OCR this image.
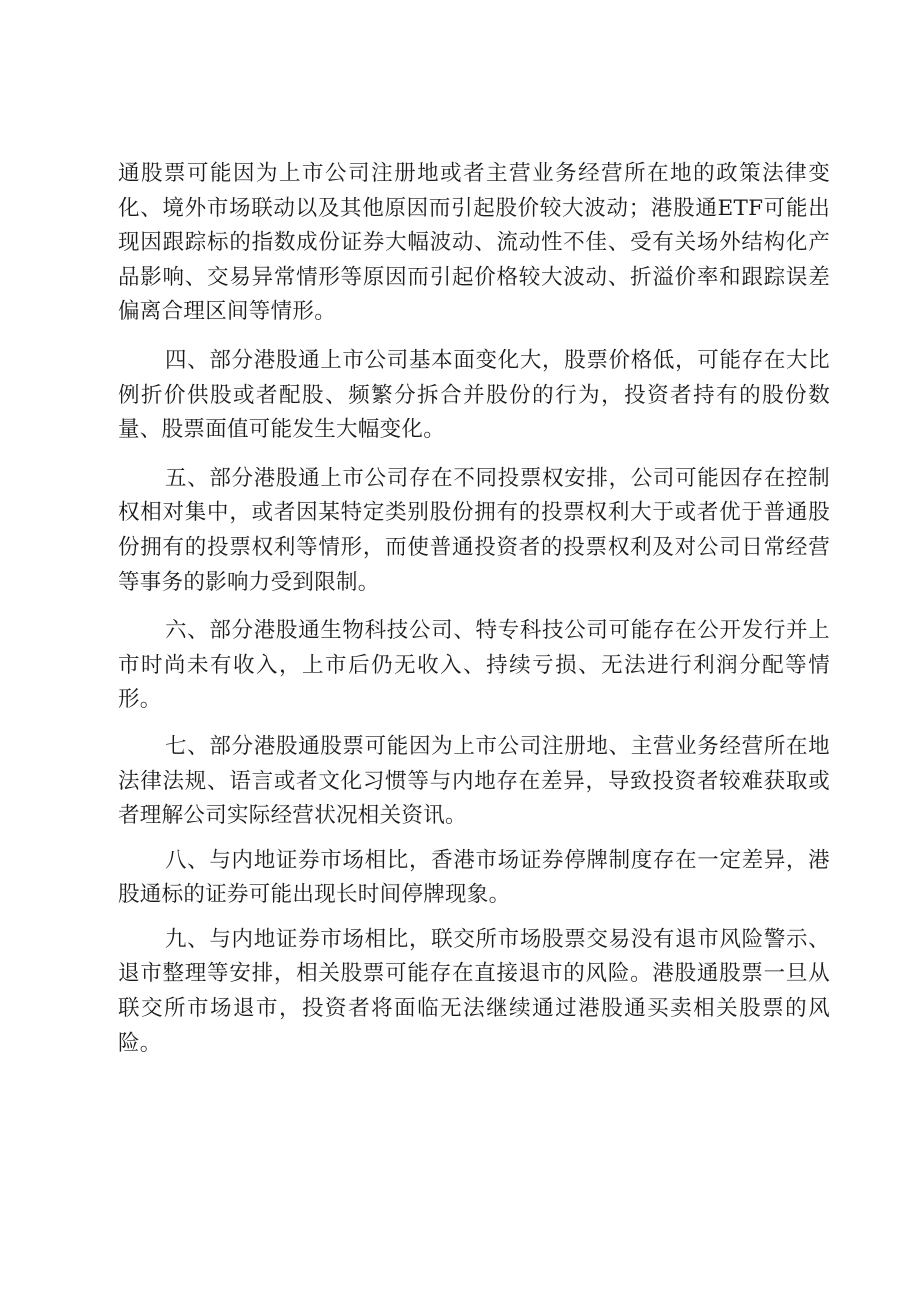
通股票可能因为上市公司注册地或者主营业务经营所在地的政策法律变化、境外市场联动以及其他原因而引起股价较大波动；港股通ETF可能出现因跟踪标的指数成份证券大幅波动、流动性不佳、受有关场外结构化产品影响、交易异常情形等原因而引起价格较大波动、折溢价率和跟踪误差偏离合理区间等情形。

四、部分港股通上市公司基本面变化大，股票价格低，可能存在大比例折价供股或者配股、频繁分拆合并股份的行为，投资者持有的股份数量、股票面值可能发生大幅变化。

五、部分港股通上市公司存在不同投票权安排，公司可能因存在控制权相对集中，或者因某特定类别股份拥有的投票权利大于或者优于普通股份拥有的投票权利等情形，而使普通投资者的投票权利及对公司日常经营等事务的影响力受到限制。

六、部分港股通生物科技公司、特专科技公司可能存在公开发行并上市时尚未有收入，上市后仍无收入、持续亏损、无法进行利润分配等情形。

七、部分港股通股票可能因为上市公司注册地、主营业务经营所在地法律法规、语言或者文化习惯等与内地存在差异，导致投资者较难获取或者理解公司实际经营状况相关资讯。

八、与内地证券市场相比，香港市场证券停牌制度存在一定差异，港股通标的证券可能出现长时间停牌现象。

九、与内地证券市场相比，联交所市场股票交易没有退市风险警示、退市整理等安排，相关股票可能存在直接退市的风险。港股通股票一旦从联交所市场退市，投资者将面临无法继续通过港股通买卖相关股票的风险。
